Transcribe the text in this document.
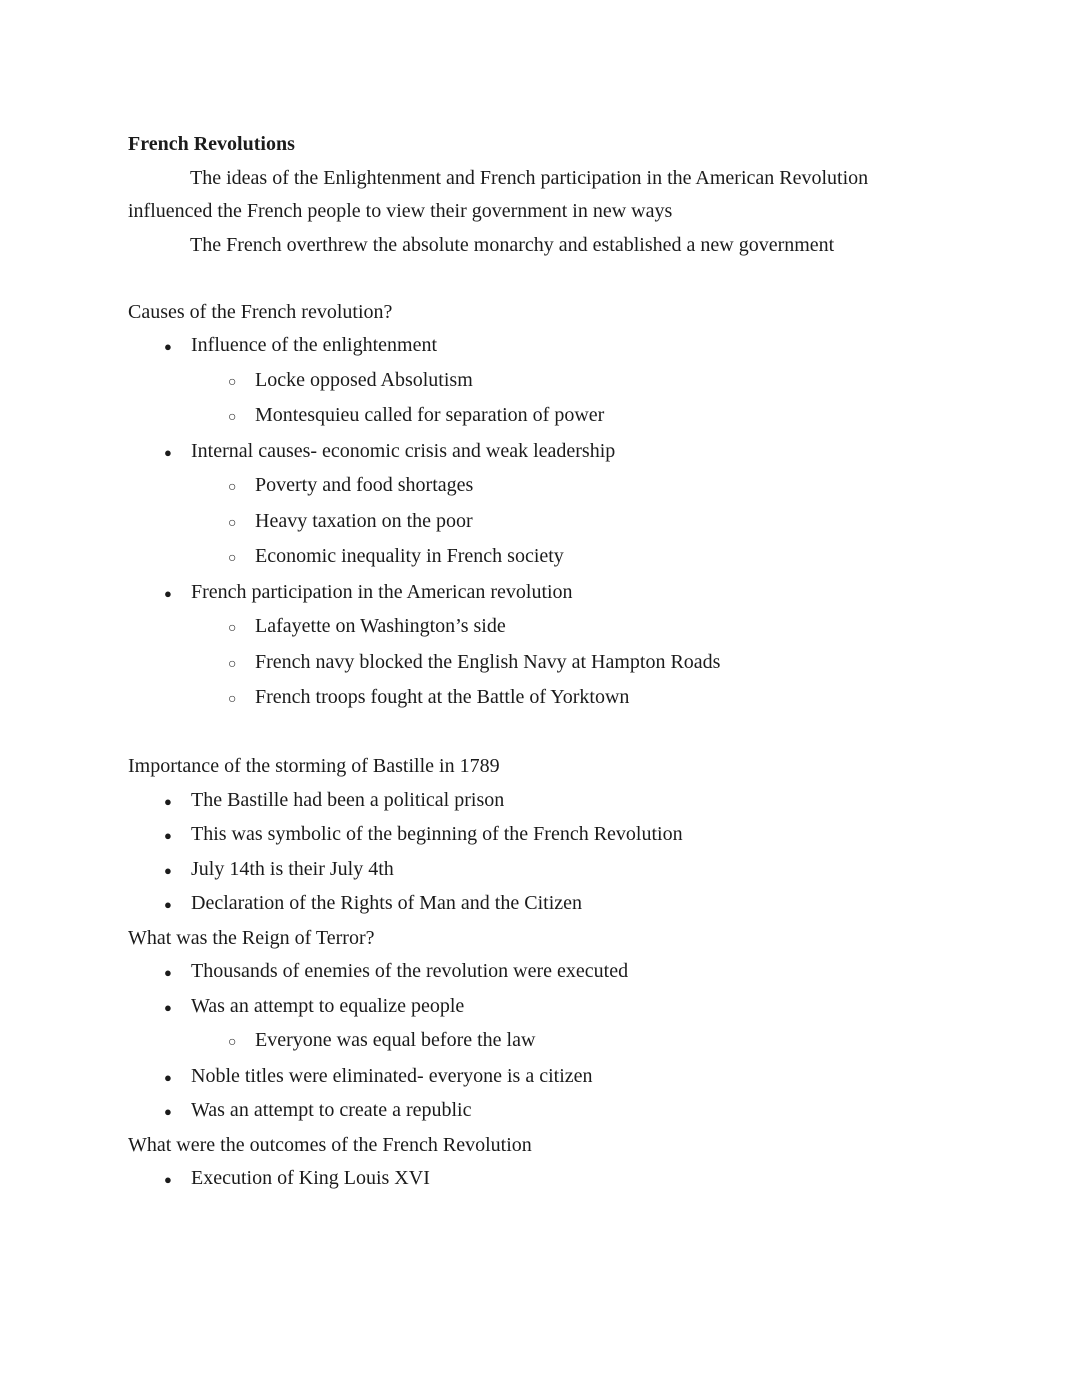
French Revolutions
The ideas of the Enlightenment and French participation in the American Revolution influenced the French people to view their government in new ways
The French overthrew the absolute monarchy and established a new government
Causes of the French revolution?
● Influence of the enlightenment
○ Locke opposed Absolutism
○ Montesquieu called for separation of power
● Internal causes- economic crisis and weak leadership
○ Poverty and food shortages
○ Heavy taxation on the poor
○ Economic inequality in French society
● French participation in the American revolution
○ Lafayette on Washington’s side
○ French navy blocked the English Navy at Hampton Roads
○ French troops fought at the Battle of Yorktown
Importance of the storming of Bastille in 1789
● The Bastille had been a political prison
● This was symbolic of the beginning of the French Revolution
● July 14th is their July 4th
● Declaration of the Rights of Man and the Citizen
What was the Reign of Terror?
● Thousands of enemies of the revolution were executed
● Was an attempt to equalize people
○ Everyone was equal before the law
● Noble titles were eliminated- everyone is a citizen
● Was an attempt to create a republic
What were the outcomes of the French Revolution
● Execution of King Louis XVI
